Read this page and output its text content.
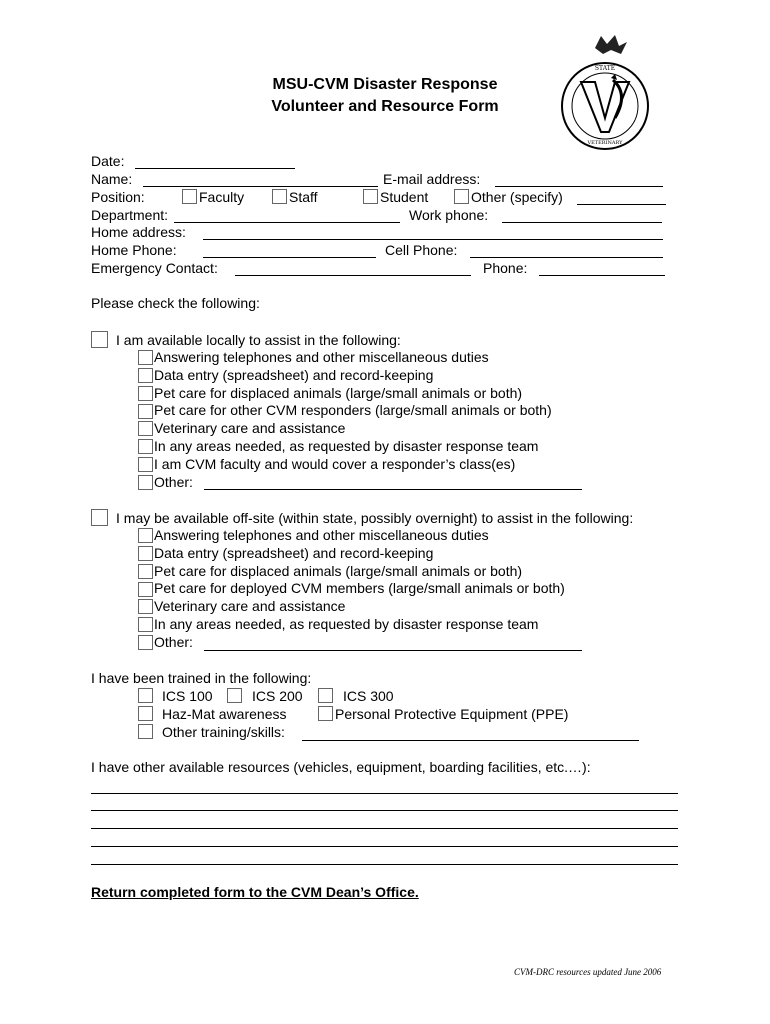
STATE
VETERINARY
MSU-CVM Disaster Response
Volunteer and Resource Form
Date:
Name:	E-mail address:
Position:	Faculty	Staff	Student	Other (specify)
Department:	Work phone:
Home address:
Home Phone:	Cell Phone:
Emergency Contact:	Phone:
Please check the following:
I am available locally to assist in the following:
Answering telephones and other miscellaneous duties
Data entry (spreadsheet) and record-keeping
Pet care for displaced animals (large/small animals or both)
Pet care for other CVM responders (large/small animals or both)
Veterinary care and assistance
In any areas needed, as requested by disaster response team
I am CVM faculty and would cover a responder’s class(es)
Other:
I may be available off-site (within state, possibly overnight) to assist in the following:
Answering telephones and other miscellaneous duties
Data entry (spreadsheet) and record-keeping
Pet care for displaced animals (large/small animals or both)
Pet care for deployed CVM members (large/small animals or both)
Veterinary care and assistance
In any areas needed, as requested by disaster response team
Other:
I have been trained in the following:
ICS 100	ICS 200	ICS 300
Haz-Mat awareness	Personal Protective Equipment (PPE)
Other training/skills:
I have other available resources (vehicles, equipment, boarding facilities, etc.…):
Return completed form to the CVM Dean’s Office.
CVM-DRC resources updated June 2006
